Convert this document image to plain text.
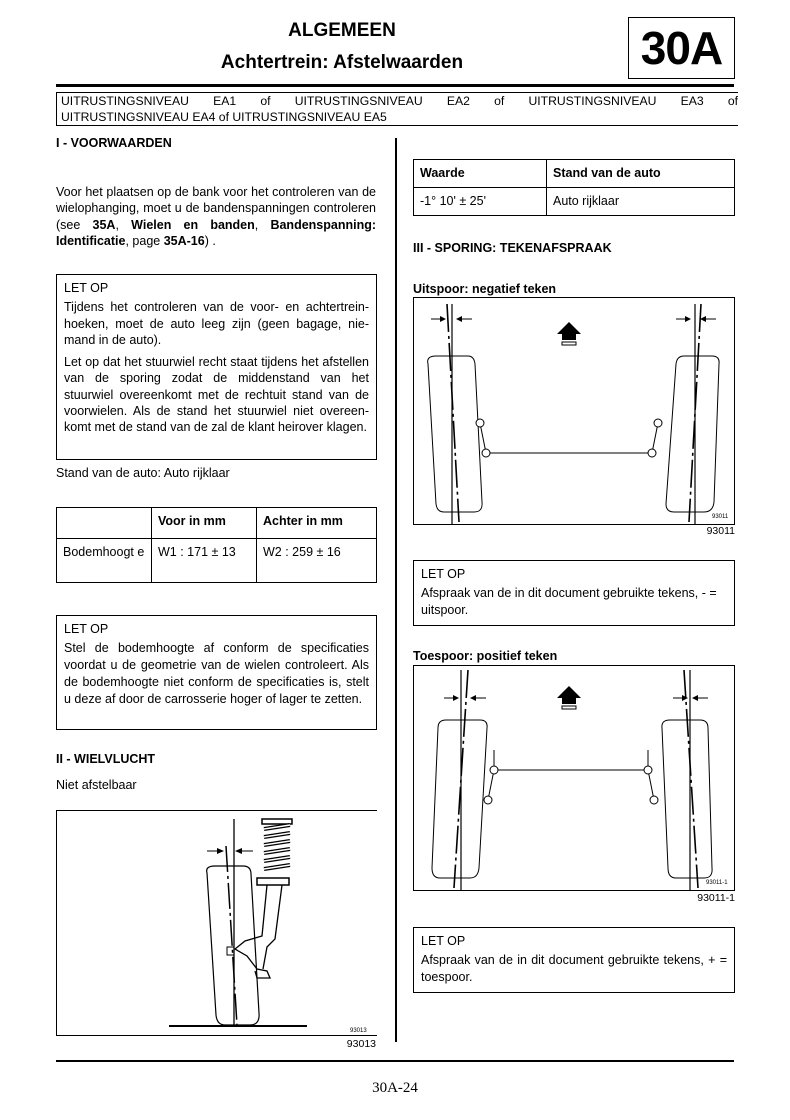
ALGEMEEN
Achtertrein: Afstelwaarden	30A
UITRUSTINGSNIVEAU EA1 of UITRUSTINGSNIVEAU EA2 of UITRUSTINGSNIVEAU EA3 of
UITRUSTINGSNIVEAU EA4 of UITRUSTINGSNIVEAU EA5
I - VOORWAARDEN
Voor het plaatsen op de bank voor het controleren van de wielophanging, moet u de bandenspanningen controleren (see 35A, Wielen en banden, Bandenspanning: Identificatie, page 35A-16) .
LET OP

Tijdens het controleren van de voor- en achtertreinhoeken, moet de auto leeg zijn (geen bagage, niemand in de auto).

Let op dat het stuurwiel recht staat tijdens het afstellen van de sporing zodat de middenstand van het stuurwiel overeenkomt met de rechtuit stand van de voorwielen. Als de stand het stuurwiel niet overeenkomt met de stand van de zal de klant heirover klagen.

Stand van de auto: Auto rijklaar
	Voor in mm	Achter in mm
Bodemhoogt e	W1 : 171 ± 13	W2 : 259 ± 16
LET OP

Stel de bodemhoogte af conform de specificaties voordat u de geometrie van de wielen controleert. Als de bodemhoogte niet conform de specificaties is, stelt u deze af door de carrosserie hoger of lager te zetten.

II - WIELVLUCHT
Niet afstelbaar
93013
93013
Waarde	Stand van de auto
-1° 10' ± 25'	Auto rijklaar
III - SPORING: TEKENAFSPRAAK
Uitspoor: negatief teken
93011
93011
LET OP

Afspraak van de in dit document gebruikte tekens, - = uitspoor.

Toespoor: positief teken
93011-1
93011-1
LET OP

Afspraak van de in dit document gebruikte tekens, + = toespoor.

30A-24
